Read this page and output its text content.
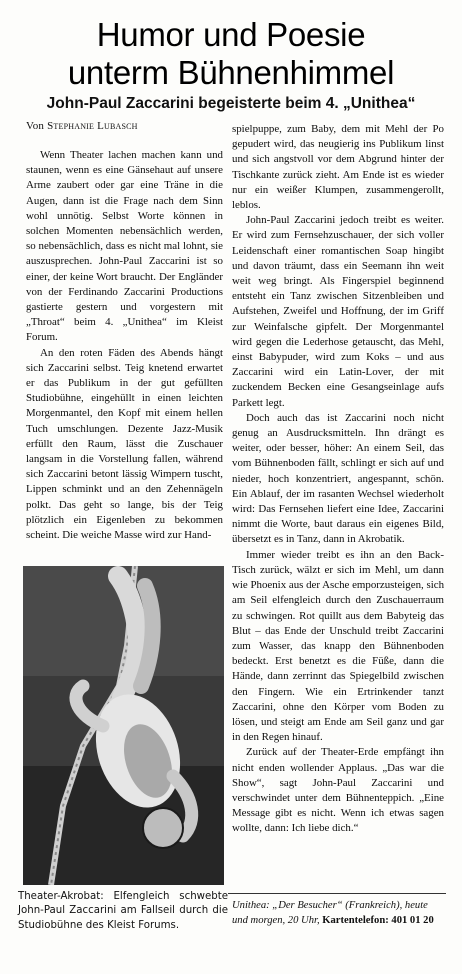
Humor und Poesie
unterm Bühnenhimmel

John-Paul Zaccarini begeisterte beim 4. „Unithea“

Von Stephanie Lubasch

Wenn Theater lachen machen kann und staunen, wenn es eine Gänsehaut auf unsere Arme zaubert oder gar eine Träne in die Augen, dann ist die Frage nach dem Sinn wohl unnötig. Selbst Worte können in solchen Momenten nebensächlich werden, so nebensächlich, dass es nicht mal lohnt, sie auszusprechen. John-Paul Zaccarini ist so einer, der keine Wort braucht. Der Engländer von der Ferdinando Zaccarini Productions gastierte gestern und vorgestern mit „Throat“ beim 4. „Unithea“ im Kleist Forum.

An den roten Fäden des Abends hängt sich Zaccarini selbst. Teig knetend erwartet er das Publikum in der gut gefüllten Studiobühne, eingehüllt in einen leichten Morgenmantel, den Kopf mit einem hellen Tuch umschlungen. Dezente Jazz-Musik erfüllt den Raum, lässt die Zuschauer langsam in die Vorstellung fallen, während sich Zaccarini betont lässig Wimpern tuscht, Lippen schminkt und an den Zehennägeln polkt. Das geht so lange, bis der Teig plötzlich ein Eigenleben zu bekommen scheint. Die weiche Masse wird zur Hand-

Theater-Akrobat: Elfengleich schwebte John-Paul Zaccarini am Fallseil durch die Studiobühne des Kleist Forums.

spielpuppe, zum Baby, dem mit Mehl der Po gepudert wird, das neugierig ins Publikum linst und sich angstvoll vor dem Abgrund hinter der Tischkante zurück zieht. Am Ende ist es wieder nur ein weißer Klumpen, zusammengerollt, leblos.

John-Paul Zaccarini jedoch treibt es weiter. Er wird zum Fernsehzuschauer, der sich voller Leidenschaft einer romantischen Soap hingibt und davon träumt, dass ein Seemann ihn weit weit weg bringt. Als Fingerspiel beginnend entsteht ein Tanz zwischen Sitzenbleiben und Aufstehen, Zweifel und Hoffnung, der im Griff zur Weinfalsche gipfelt. Der Morgenmantel wird gegen die Lederhose getauscht, das Mehl, einst Babypuder, wird zum Koks – und aus Zaccarini wird ein Latin-Lover, der mit zuckendem Becken eine Gesangseinlage aufs Parkett legt.

Doch auch das ist Zaccarini noch nicht genug an Ausdrucksmitteln. Ihn drängt es weiter, oder besser, höher: An einem Seil, das vom Bühnenboden fällt, schlingt er sich auf und nieder, hoch konzentriert, angespannt, schön. Ein Ablauf, der im rasanten Wechsel wiederholt wird: Das Fernsehen liefert eine Idee, Zaccarini nimmt die Worte, baut daraus ein eigenes Bild, übersetzt es in Tanz, dann in Akrobatik.

Immer wieder treibt es ihn an den Back-Tisch zurück, wälzt er sich im Mehl, um dann wie Phoenix aus der Asche emporzusteigen, sich am Seil elfengleich durch den Zuschauerraum zu schwingen. Rot quillt aus dem Babyteig das Blut – das Ende der Unschuld treibt Zaccarini zum Wasser, das knapp den Bühnenboden bedeckt. Erst benetzt es die Füße, dann die Hände, dann zerrinnt das Spiegelbild zwischen den Fingern. Wie ein Ertrinkender tanzt Zaccarini, ohne den Körper vom Boden zu lösen, und steigt am Ende am Seil ganz und gar in den Regen hinauf.

Zurück auf der Theater-Erde empfängt ihn nicht enden wollender Applaus. „Das war die Show“, sagt John-Paul Zaccarini und verschwindet unter dem Bühnenteppich. „Eine Message gibt es nicht. Wenn ich etwas sagen wollte, dann: Ich liebe dich.“

Unithea: „Der Besucher“ (Frankreich), heute und morgen, 20 Uhr, Kartentelefon: 401 01 20
